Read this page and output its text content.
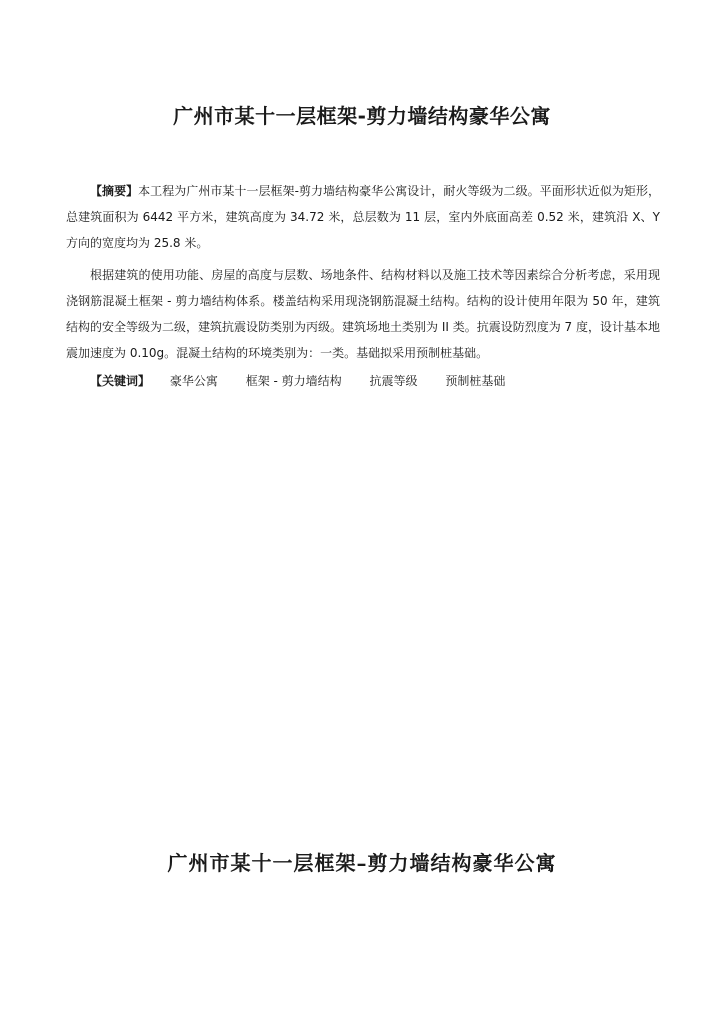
广州市某十一层框架-剪力墙结构豪华公寓

【摘要】本工程为广州市某十一层框架-剪力墙结构豪华公寓设计，耐火等级为二级。平面形状近似为矩形，总建筑面积为 6442 平方米，建筑高度为 34.72 米，总层数为 11 层，室内外底面高差 0.52 米，建筑沿 X、Y 方向的宽度均为 25.8 米。

根据建筑的使用功能、房屋的高度与层数、场地条件、结构材料以及施工技术等因素综合分析考虑，采用现浇钢筋混凝土框架 - 剪力墙结构体系。楼盖结构采用现浇钢筋混凝土结构。结构的设计使用年限为 50 年，建筑结构的安全等级为二级，建筑抗震设防类别为丙级。建筑场地土类别为 II 类。抗震设防烈度为 7 度，设计基本地震加速度为 0.10g。混凝土结构的环境类别为：一类。基础拟采用预制桩基础。

【关键词】 豪华公寓 框架 - 剪力墙结构 抗震等级 预制桩基础
广州市某十一层框架–剪力墙结构豪华公寓
